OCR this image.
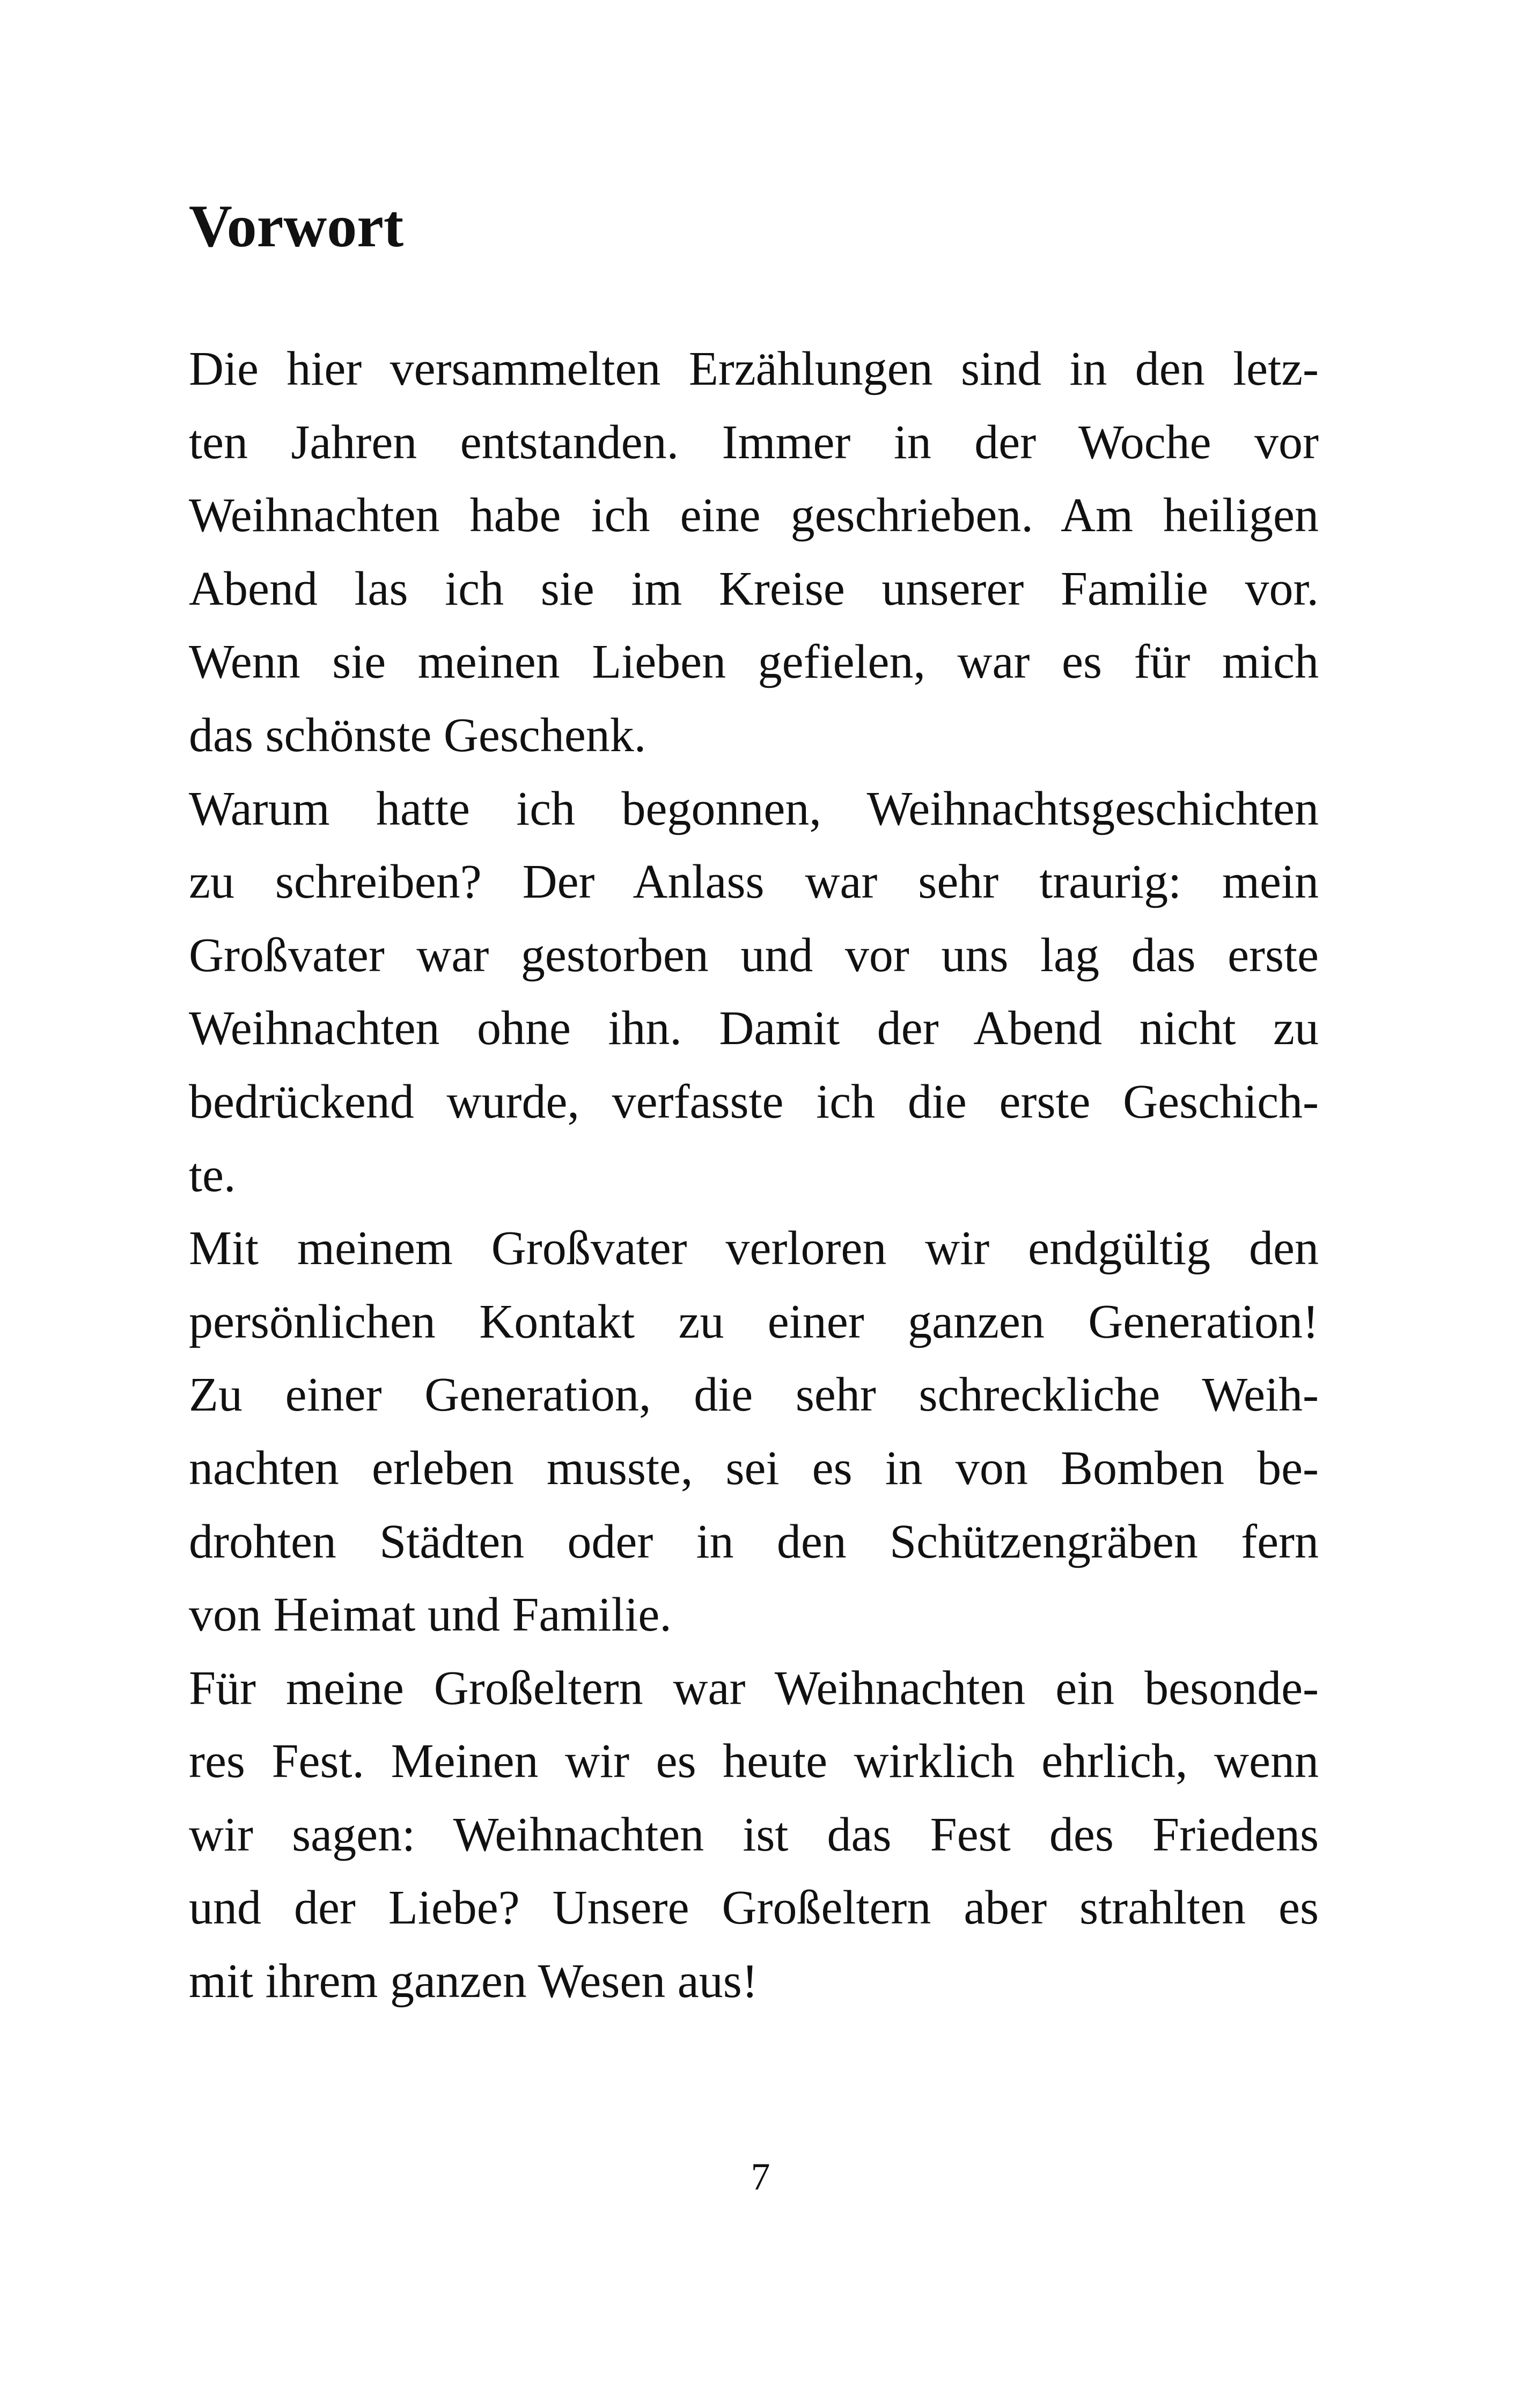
Vorwort
Die hier versammelten Erzählungen sind in den letz-
ten Jahren entstanden. Immer in der Woche vor
Weihnachten habe ich eine geschrieben. Am heiligen
Abend las ich sie im Kreise unserer Familie vor.
Wenn sie meinen Lieben gefielen, war es für mich
das schönste Geschenk.
Warum hatte ich begonnen, Weihnachtsgeschichten
zu schreiben? Der Anlass war sehr traurig: mein
Großvater war gestorben und vor uns lag das erste
Weihnachten ohne ihn. Damit der Abend nicht zu
bedrückend wurde, verfasste ich die erste Geschich-
te.
Mit meinem Großvater verloren wir endgültig den
persönlichen Kontakt zu einer ganzen Generation!
Zu einer Generation, die sehr schreckliche Weih-
nachten erleben musste, sei es in von Bomben be-
drohten Städten oder in den Schützengräben fern
von Heimat und Familie.
Für meine Großeltern war Weihnachten ein besonde-
res Fest. Meinen wir es heute wirklich ehrlich, wenn
wir sagen: Weihnachten ist das Fest des Friedens
und der Liebe? Unsere Großeltern aber strahlten es
mit ihrem ganzen Wesen aus!
7
